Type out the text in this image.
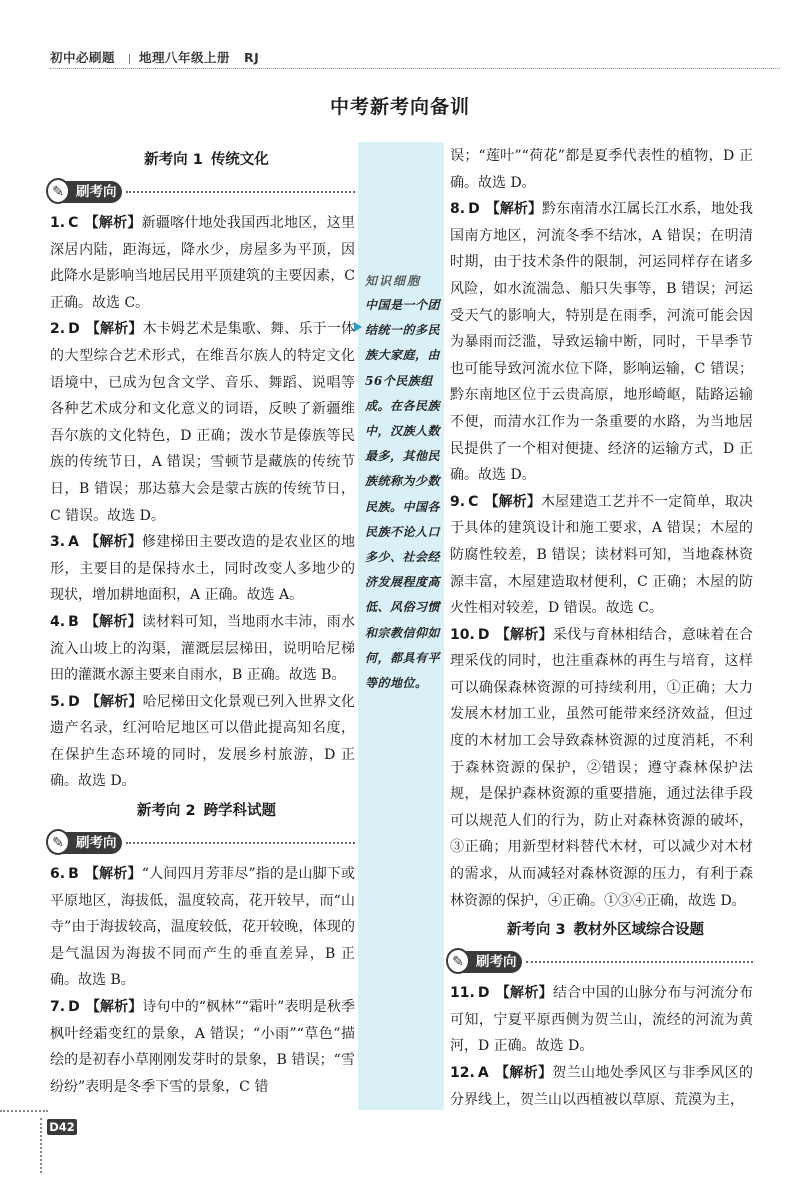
初中必刷题 地理八年级上册 RJ
中考新考向备训
知识细胞
中国是一个团结统一的多民族大家庭，由56个民族组成。在各民族中，汉族人数最多，其他民族统称为少数民族。中国各民族不论人口多少、社会经济发展程度高低、风俗习惯和宗教信仰如何，都具有平等的地位。
新考向 1 传统文化
✎ 刷考向

1. C 【解析】新疆喀什地处我国西北地区，这里深居内陆，距海远，降水少，房屋多为平顶，因此降水是影响当地居民用平顶建筑的主要因素，C 正确。故选 C。

2. D 【解析】木卡姆艺术是集歌、舞、乐于一体的大型综合艺术形式，在维吾尔族人的特定文化语境中，已成为包含文学、音乐、舞蹈、说唱等各种艺术成分和文化意义的词语，反映了新疆维吾尔族的文化特色，D 正确；泼水节是傣族等民族的传统节日，A 错误；雪顿节是藏族的传统节日，B 错误；那达慕大会是蒙古族的传统节日，C 错误。故选 D。

3. A 【解析】修建梯田主要改造的是农业区的地形，主要目的是保持水土，同时改变人多地少的现状，增加耕地面积，A 正确。故选 A。

4. B 【解析】读材料可知，当地雨水丰沛，雨水流入山坡上的沟渠，灌溉层层梯田，说明哈尼梯田的灌溉水源主要来自雨水，B 正确。故选 B。

5. D 【解析】哈尼梯田文化景观已列入世界文化遗产名录，红河哈尼地区可以借此提高知名度，在保护生态环境的同时，发展乡村旅游，D 正确。故选 D。

新考向 2 跨学科试题
✎ 刷考向

6. B 【解析】“人间四月芳菲尽”指的是山脚下或平原地区，海拔低，温度较高，花开较早，而“山寺”由于海拔较高，温度较低，花开较晚，体现的是气温因为海拔不同而产生的垂直差异，B 正确。故选 B。

7. D 【解析】诗句中的“枫林”“霜叶”表明是秋季枫叶经霜变红的景象，A 错误；“小雨”“草色”描绘的是初春小草刚刚发芽时的景象，B 错误；“雪纷纷”表明是冬季下雪的景象，C 错

误；“莲叶”“荷花”都是夏季代表性的植物，D 正确。故选 D。

8. D 【解析】黔东南清水江属长江水系，地处我国南方地区，河流冬季不结冰，A 错误；在明清时期，由于技术条件的限制，河运同样存在诸多风险，如水流湍急、船只失事等，B 错误；河运受天气的影响大，特别是在雨季，河流可能会因为暴雨而泛滥，导致运输中断，同时，干旱季节也可能导致河流水位下降，影响运输，C 错误；黔东南地区位于云贵高原，地形崎岖，陆路运输不便，而清水江作为一条重要的水路，为当地居民提供了一个相对便捷、经济的运输方式，D 正确。故选 D。

9. C 【解析】木屋建造工艺并不一定简单，取决于具体的建筑设计和施工要求，A 错误；木屋的防腐性较差，B 错误；读材料可知，当地森林资源丰富，木屋建造取材便利，C 正确；木屋的防火性相对较差，D 错误。故选 C。

10. D 【解析】采伐与育林相结合，意味着在合理采伐的同时，也注重森林的再生与培育，这样可以确保森林资源的可持续利用，①正确；大力发展木材加工业，虽然可能带来经济效益，但过度的木材加工会导致森林资源的过度消耗，不利于森林资源的保护，②错误；遵守森林保护法规，是保护森林资源的重要措施，通过法律手段可以规范人们的行为，防止对森林资源的破坏，③正确；用新型材料替代木材，可以减少对木材的需求，从而减轻对森林资源的压力，有利于森林资源的保护，④正确。①③④正确，故选 D。

新考向 3 教材外区域综合设题
✎ 刷考向

11. D 【解析】结合中国的山脉分布与河流分布可知，宁夏平原西侧为贺兰山，流经的河流为黄河，D 正确。故选 D。

12. A 【解析】贺兰山地处季风区与非季风区的分界线上，贺兰山以西植被以草原、荒漠为主，

D42
